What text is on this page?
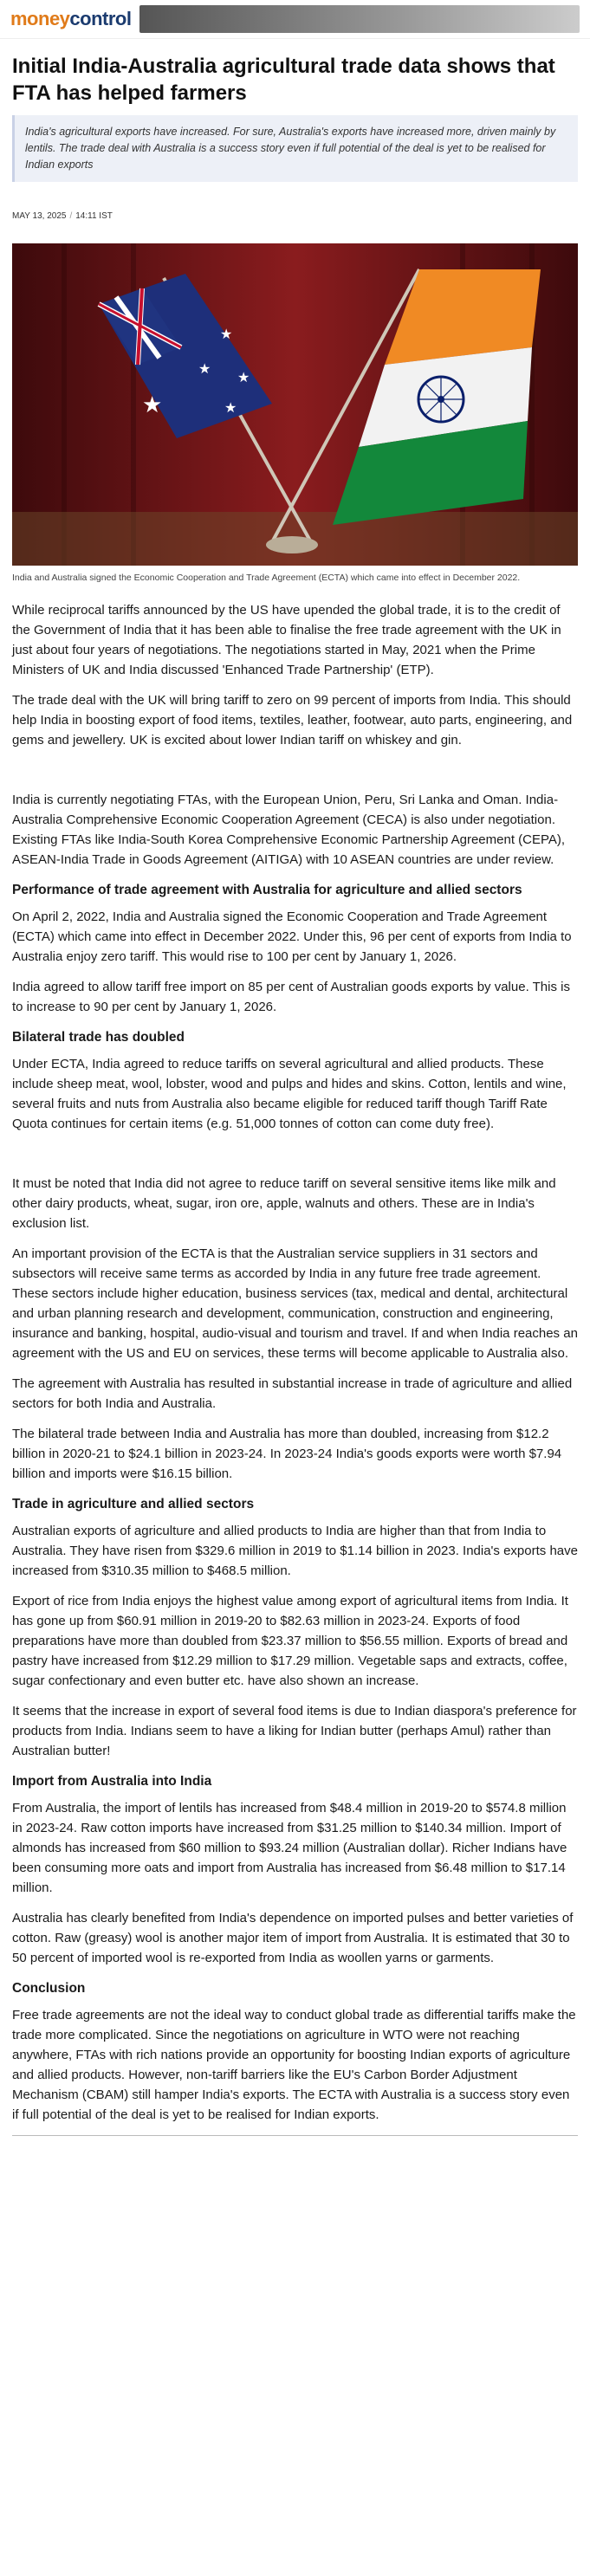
money control
Initial India-Australia agricultural trade data shows that FTA has helped farmers
India's agricultural exports have increased. For sure, Australia's exports have increased more, driven mainly by lentils. The trade deal with Australia is a success story even if full potential of the deal is yet to be realised for Indian exports
MAY 13, 2025 / 14:11 IST
★
★
★
★
★
India and Australia signed the Economic Cooperation and Trade Agreement (ECTA) which came into effect in December 2022.

While reciprocal tariffs announced by the US have upended the global trade, it is to the credit of the Government of India that it has been able to finalise the free trade agreement with the UK in just about four years of negotiations. The negotiations started in May, 2021 when the Prime Ministers of UK and India discussed 'Enhanced Trade Partnership' (ETP).

The trade deal with the UK will bring tariff to zero on 99 percent of imports from India. This should help India in boosting export of food items, textiles, leather, footwear, auto parts, engineering, and gems and jewellery. UK is excited about lower Indian tariff on whiskey and gin.

India is currently negotiating FTAs, with the European Union, Peru, Sri Lanka and Oman. India-Australia Comprehensive Economic Cooperation Agreement (CECA) is also under negotiation. Existing FTAs like India-South Korea Comprehensive Economic Partnership Agreement (CEPA), ASEAN-India Trade in Goods Agreement (AITIGA) with 10 ASEAN countries are under review.

Performance of trade agreement with Australia for agriculture and allied sectors

On April 2, 2022, India and Australia signed the Economic Cooperation and Trade Agreement (ECTA) which came into effect in December 2022. Under this, 96 per cent of exports from India to Australia enjoy zero tariff. This would rise to 100 per cent by January 1, 2026.

India agreed to allow tariff free import on 85 per cent of Australian goods exports by value. This is to increase to 90 per cent by January 1, 2026.

Bilateral trade has doubled

Under ECTA, India agreed to reduce tariffs on several agricultural and allied products. These include sheep meat, wool, lobster, wood and pulps and hides and skins. Cotton, lentils and wine, several fruits and nuts from Australia also became eligible for reduced tariff though Tariff Rate Quota continues for certain items (e.g. 51,000 tonnes of cotton can come duty free).

It must be noted that India did not agree to reduce tariff on several sensitive items like milk and other dairy products, wheat, sugar, iron ore, apple, walnuts and others. These are in India's exclusion list.

An important provision of the ECTA is that the Australian service suppliers in 31 sectors and subsectors will receive same terms as accorded by India in any future free trade agreement. These sectors include higher education, business services (tax, medical and dental, architectural and urban planning research and development, communication, construction and engineering, insurance and banking, hospital, audio-visual and tourism and travel. If and when India reaches an agreement with the US and EU on services, these terms will become applicable to Australia also.

The agreement with Australia has resulted in substantial increase in trade of agriculture and allied sectors for both India and Australia.

The bilateral trade between India and Australia has more than doubled, increasing from $12.2 billion in 2020-21 to $24.1 billion in 2023-24. In 2023-24 India's goods exports were worth $7.94 billion and imports were $16.15 billion.

Trade in agriculture and allied sectors

Australian exports of agriculture and allied products to India are higher than that from India to Australia. They have risen from $329.6 million in 2019 to $1.14 billion in 2023. India's exports have increased from $310.35 million to $468.5 million.

Export of rice from India enjoys the highest value among export of agricultural items from India. It has gone up from $60.91 million in 2019-20 to $82.63 million in 2023-24. Exports of food preparations have more than doubled from $23.37 million to $56.55 million. Exports of bread and pastry have increased from $12.29 million to $17.29 million. Vegetable saps and extracts, coffee, sugar confectionary and even butter etc. have also shown an increase.

It seems that the increase in export of several food items is due to Indian diaspora's preference for products from India. Indians seem to have a liking for Indian butter (perhaps Amul) rather than Australian butter!

Import from Australia into India

From Australia, the import of lentils has increased from $48.4 million in 2019-20 to $574.8 million in 2023-24. Raw cotton imports have increased from $31.25 million to $140.34 million. Import of almonds has increased from $60 million to $93.24 million (Australian dollar). Richer Indians have been consuming more oats and import from Australia has increased from $6.48 million to $17.14 million.

Australia has clearly benefited from India's dependence on imported pulses and better varieties of cotton. Raw (greasy) wool is another major item of import from Australia. It is estimated that 30 to 50 percent of imported wool is re-exported from India as woollen yarns or garments.

Conclusion

Free trade agreements are not the ideal way to conduct global trade as differential tariffs make the trade more complicated. Since the negotiations on agriculture in WTO were not reaching anywhere, FTAs with rich nations provide an opportunity for boosting Indian exports of agriculture and allied products. However, non-tariff barriers like the EU's Carbon Border Adjustment Mechanism (CBAM) still hamper India's exports. The ECTA with Australia is a success story even if full potential of the deal is yet to be realised for Indian exports.
